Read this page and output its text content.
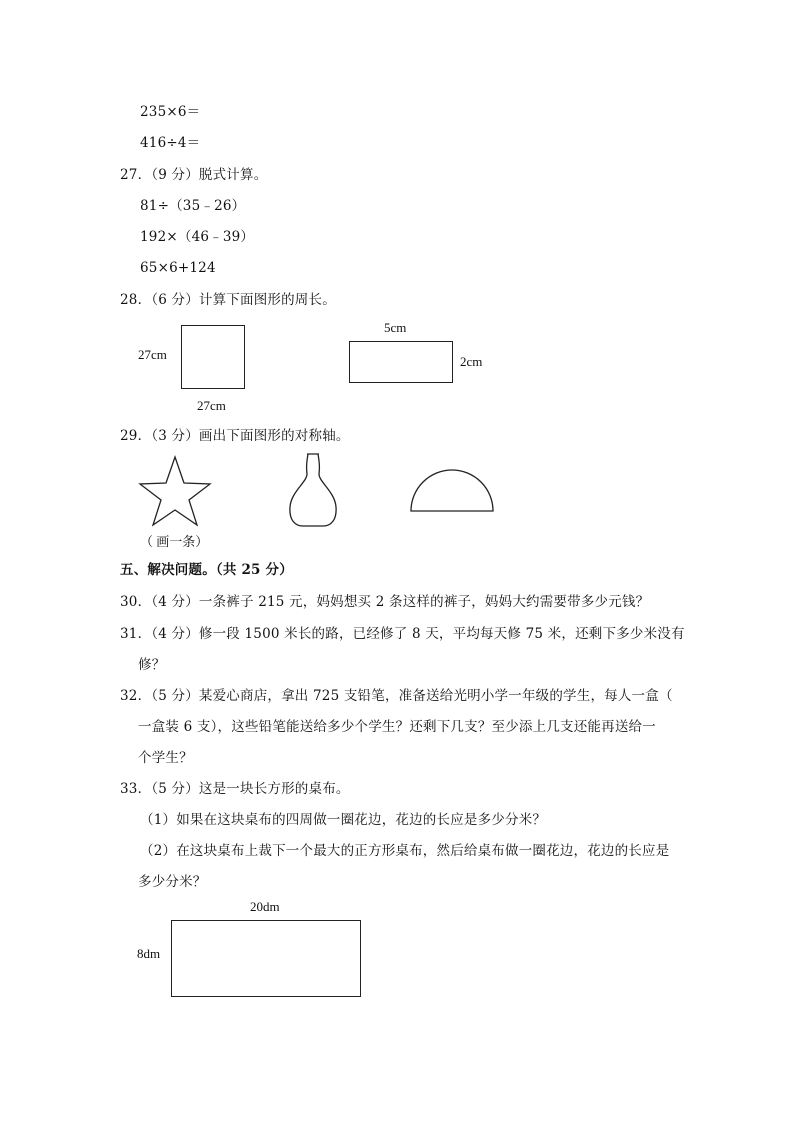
235×6＝
416÷4＝
27．（9 分）脱式计算。
81÷（35﹣26）
192×（46﹣39）
65×6+124
28．（6 分）计算下面图形的周长。
27cm
27cm
5cm
2cm
29．（3 分）画出下面图形的对称轴。
（ 画一条）
五、解决问题。（共 25 分）
30．（4 分）一条裤子 215 元，妈妈想买 2 条这样的裤子，妈妈大约需要带多少元钱？
31．（4 分）修一段 1500 米长的路，已经修了 8 天，平均每天修 75 米，还剩下多少米没有
修？
32．（5 分）某爱心商店，拿出 725 支铅笔，准备送给光明小学一年级的学生，每人一盒（
一盒装 6 支），这些铅笔能送给多少个学生？还剩下几支？至少添上几支还能再送给一
个学生？
33．（5 分）这是一块长方形的桌布。
（1）如果在这块桌布的四周做一圈花边，花边的长应是多少分米？
（2）在这块桌布上裁下一个最大的正方形桌布，然后给桌布做一圈花边，花边的长应是
多少分米？
20dm
8dm
